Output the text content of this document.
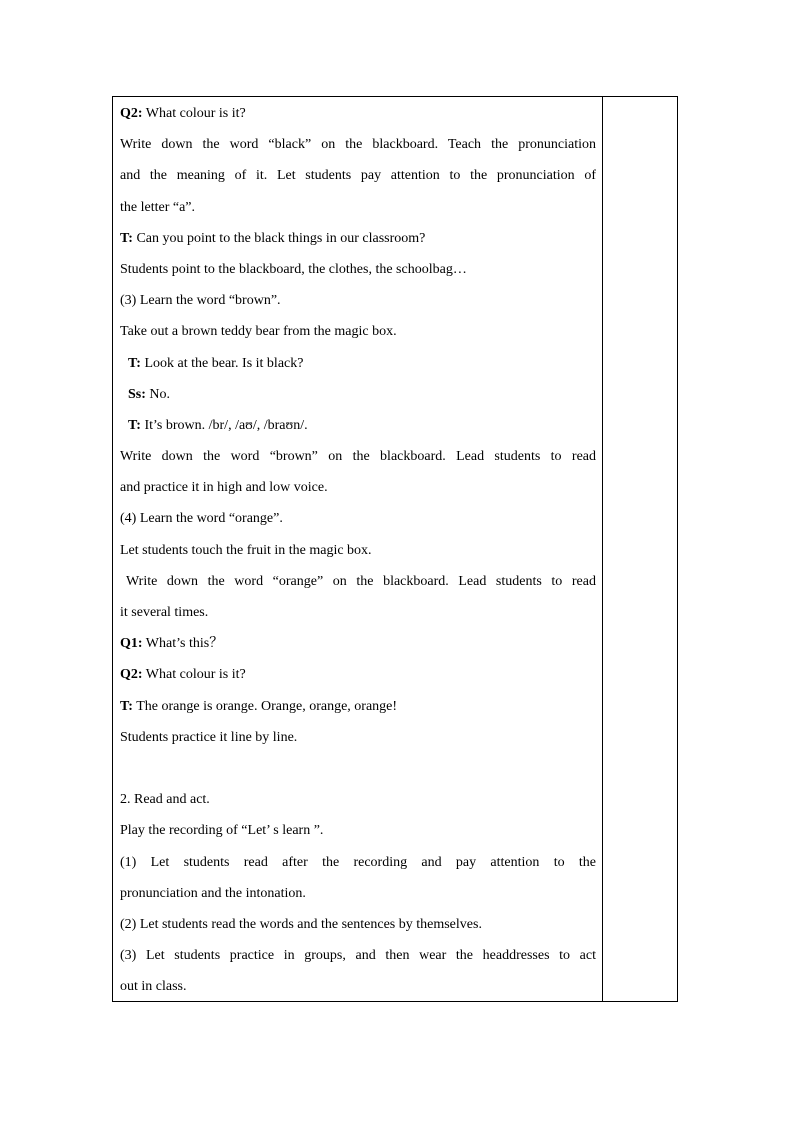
Q2: What colour is it?
Write down the word “black” on the blackboard. Teach the pronunciation
and the meaning of it. Let students pay attention to the pronunciation of
the letter “a”.
T: Can you point to the black things in our classroom?
Students point to the blackboard, the clothes, the schoolbag…
(3) Learn the word “brown”.
Take out a brown teddy bear from the magic box.
T: Look at the bear. Is it black?
Ss: No.
T: It’s brown. /br/, /aʊ/, /braʊn/.
Write down the word “brown” on the blackboard. Lead students to read
and practice it in high and low voice.
(4) Learn the word “orange”.
Let students touch the fruit in the magic box.
Write down the word “orange” on the blackboard. Lead students to read
it several times.
Q1: What’s this？
Q2: What colour is it?
T: The orange is orange. Orange, orange, orange!
Students practice it line by line.
2. Read and act.
Play the recording of “Let’ s learn ”.
(1) Let students read after the recording and pay attention to the
pronunciation and the intonation.
(2) Let students read the words and the sentences by themselves.
(3) Let students practice in groups, and then wear the headdresses to act
out in class.
